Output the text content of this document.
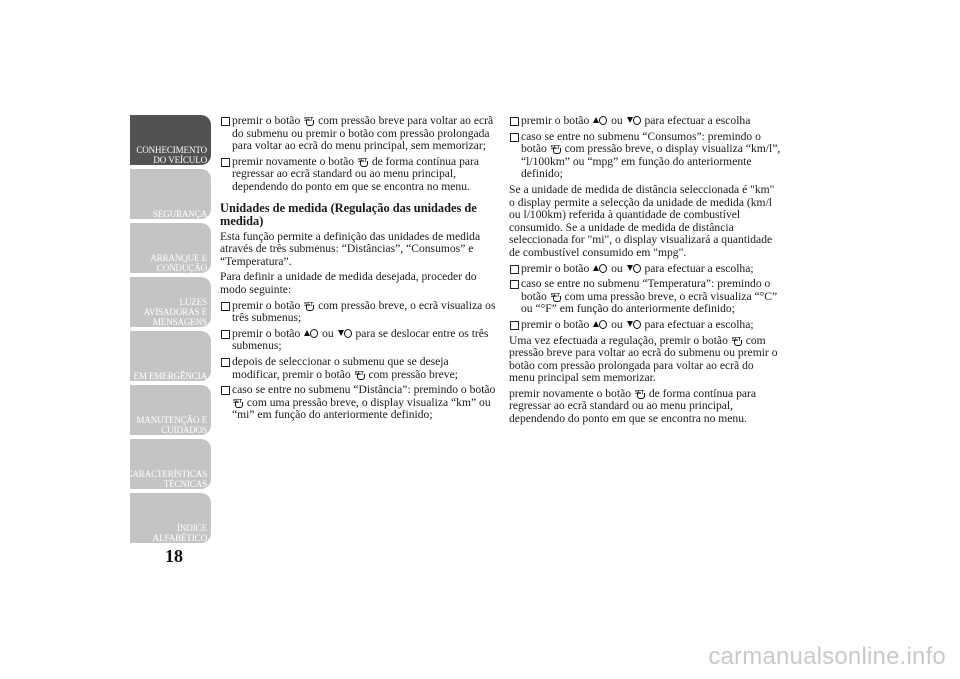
CONHECIMENTO
DO VEÍCULO
SEGURANÇA
ARRANQUE E
CONDUÇÃO
LUZES
AVISADORAS E
MENSAGENS
EM EMERGÊNCIA
MANUTENÇÃO E
CUIDADOS
CARACTERÍSTICAS
TÉCNICAS
ÍNDICE
ALFABÉTICO
18

premir o botão SET com pressão breve para voltar ao ecrã do submenu ou premir o botão com pressão prolongada para voltar ao ecrã do menu principal, sem memorizar;

premir novamente o botão SET de forma contínua para regressar ao ecrã standard ou ao menu principal, dependendo do ponto em que se encontra no menu.

Unidades de medida (Regulação das unidades de medida)

Esta função permite a definição das unidades de medida através de três submenus: “Distâncias”, “Consumos” e “Temperatura”.

Para definir a unidade de medida desejada, proceder do modo seguinte:

premir o botão SET com pressão breve, o ecrã visualiza os três submenus;

premir o botão ou para se deslocar entre os três submenus;

depois de seleccionar o submenu que se deseja modificar, premir o botão SET com pressão breve;

caso se entre no submenu “Distância”: premindo o botão SET com uma pressão breve, o display visualiza “km” ou “mi” em função do anteriormente definido;

premir o botão ou para efectuar a escolha

caso se entre no submenu “Consumos”: premindo o botão SET com pressão breve, o display visualiza “km/l”, “l/100km” ou “mpg” em função do anteriormente definido;

Se a unidade de medida de distância seleccionada é "km" o display permite a selecção da unidade de medida (km/l ou l/100km) referida à quantidade de combustível consumido. Se a unidade de medida de distância seleccionada for "mi", o display visualizará a quantidade de combustível consumido em "mpg".

premir o botão ou para efectuar a escolha;

caso se entre no submenu “Temperatura”: premindo o botão SET com uma pressão breve, o ecrã visualiza “°C” ou “°F” em função do anteriormente definido;

premir o botão ou para efectuar a escolha;

Uma vez efectuada a regulação, premir o botão SET com pressão breve para voltar ao ecrã do submenu ou premir o botão com pressão prolongada para voltar ao ecrã do menu principal sem memorizar.

premir novamente o botão SET de forma contínua para regressar ao ecrã standard ou ao menu principal, dependendo do ponto em que se encontra no menu.

carmanualsonline.info
